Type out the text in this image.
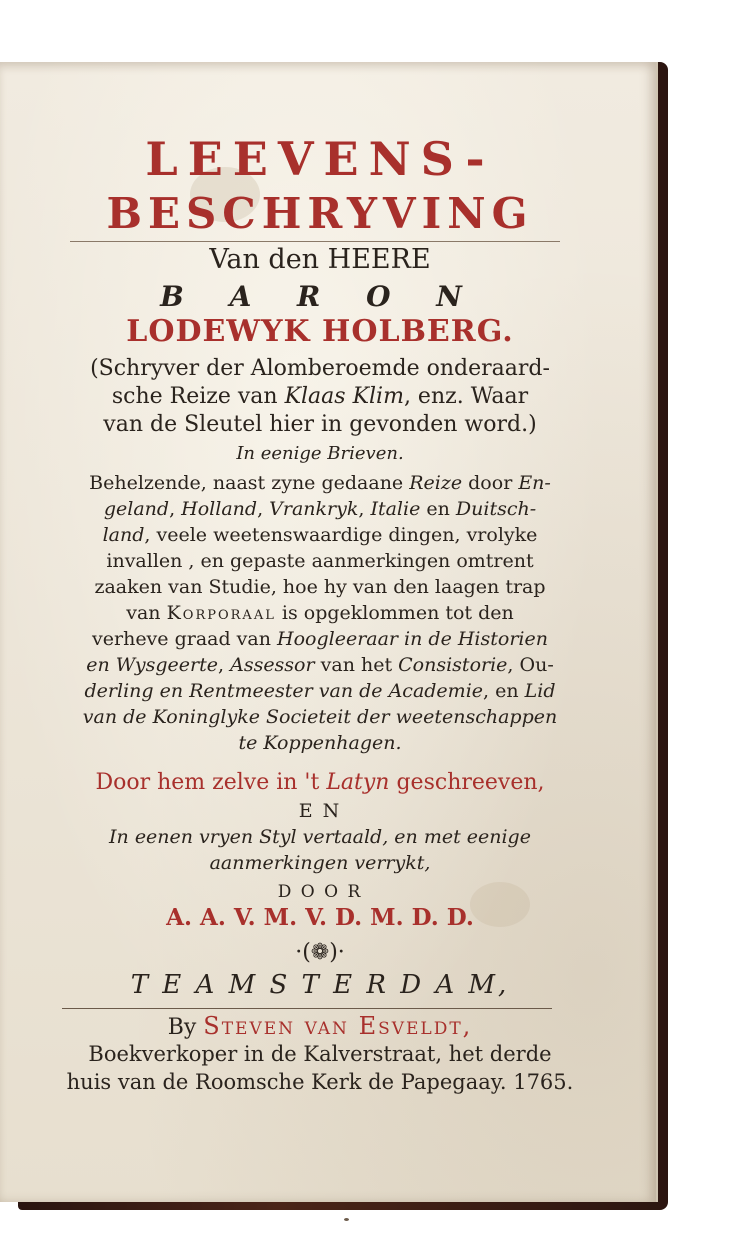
LEEVENS-
BESCHRYVING
Van den HEERE
B A R O N
LODEWYK HOLBERG.
(Schryver der Alomberoemde onderaard-
sche Reize van Klaas Klim, enz. Waar
van de Sleutel hier in gevonden word.)
In eenige Brieven.
Behelzende, naast zyne gedaane Reize door En-
geland, Holland, Vrankryk, Italie en Duitsch-
land, veele weetenswaardige dingen, vrolyke
invallen , en gepaste aanmerkingen omtrent
zaaken van Studie, hoe hy van den laagen trap
van Korporaal is opgeklommen tot den
verheve graad van Hoogleeraar in de Historien
en Wysgeerte, Assessor van het Consistorie, Ou-
derling en Rentmeester van de Academie, en Lid
van de Koninglyke Societeit der weetenschappen
te Koppenhagen.
Door hem zelve in 't Latyn geschreeven,
E N
In eenen vryen Styl vertaald, en met eenige
aanmerkingen verrykt,
D O O R
A. A. V. M. V. D. M. D. D.
·(❁)·
T E A M S T E R D A M,
By Steven van Esveldt,
Boekverkoper in de Kalverstraat, het derde
huis van de Roomsche Kerk de Papegaay. 1765.
